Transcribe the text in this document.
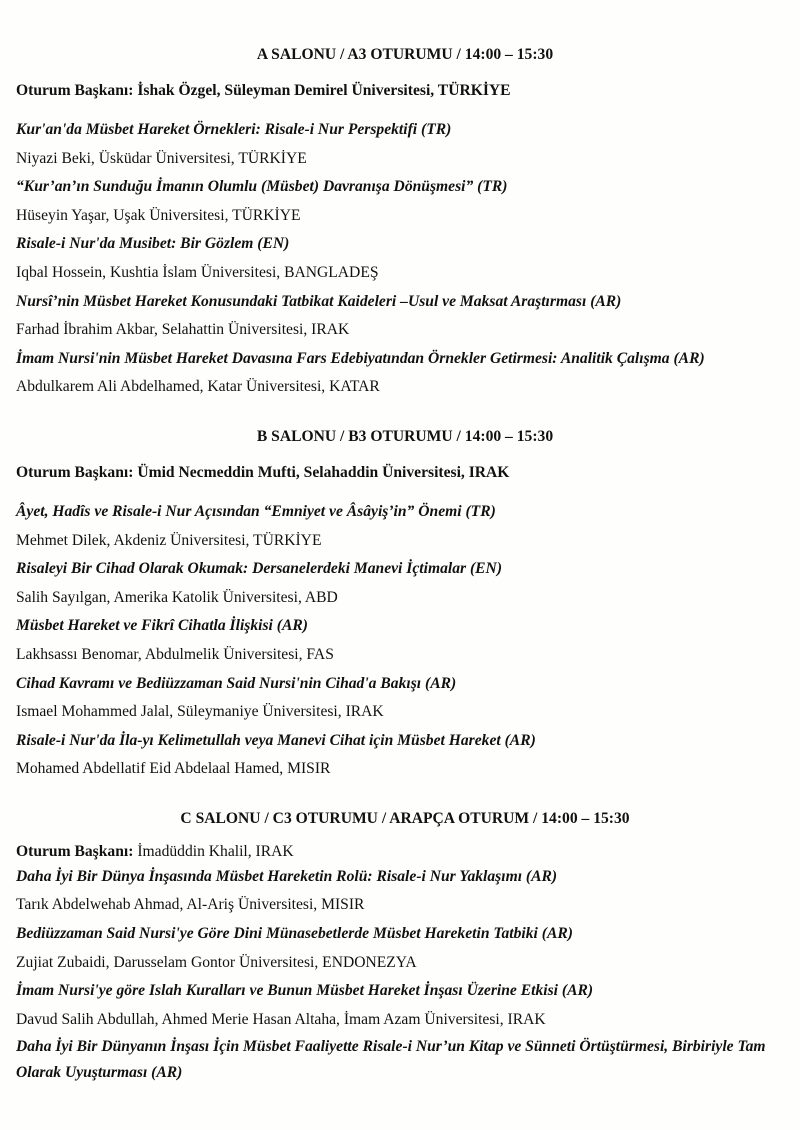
A SALONU / A3 OTURUMU / 14:00 – 15:30
Oturum Başkanı: İshak Özgel, Süleyman Demirel Üniversitesi, TÜRKİYE
Kur'an'da Müsbet Hareket Örnekleri: Risale-i Nur Perspektifi (TR)
Niyazi Beki, Üsküdar Üniversitesi, TÜRKİYE
“Kur’an’ın Sunduğu İmanın Olumlu (Müsbet) Davranışa Dönüşmesi” (TR)
Hüseyin Yaşar, Uşak Üniversitesi, TÜRKİYE
Risale-i Nur'da Musibet: Bir Gözlem (EN)
Iqbal Hossein, Kushtia İslam Üniversitesi, BANGLADEŞ
Nursî’nin Müsbet Hareket Konusundaki Tatbikat Kaideleri –Usul ve Maksat Araştırması (AR)
Farhad İbrahim Akbar, Selahattin Üniversitesi, IRAK
İmam Nursi'nin Müsbet Hareket Davasına Fars Edebiyatından Örnekler Getirmesi: Analitik Çalışma (AR)
Abdulkarem Ali Abdelhamed, Katar Üniversitesi, KATAR
B SALONU / B3 OTURUMU / 14:00 – 15:30
Oturum Başkanı: Ümid Necmeddin Mufti, Selahaddin Üniversitesi, IRAK
Âyet, Hadîs ve Risale-i Nur Açısından “Emniyet ve Âsâyiş’in” Önemi (TR)
Mehmet Dilek, Akdeniz Üniversitesi, TÜRKİYE
Risaleyi Bir Cihad Olarak Okumak: Dersanelerdeki Manevi İçtimalar (EN)
Salih Sayılgan, Amerika Katolik Üniversitesi, ABD
Müsbet Hareket ve Fikrî Cihatla İlişkisi (AR)
Lakhsassı Benomar, Abdulmelik Üniversitesi, FAS
Cihad Kavramı ve Bediüzzaman Said Nursi'nin Cihad'a Bakışı (AR)
Ismael Mohammed Jalal, Süleymaniye Üniversitesi, IRAK
Risale-i Nur'da İla-yı Kelimetullah veya Manevi Cihat için Müsbet Hareket (AR)
Mohamed Abdellatif Eid Abdelaal Hamed, MISIR
C SALONU / C3 OTURUMU / ARAPÇA OTURUM / 14:00 – 15:30
Oturum Başkanı: İmadüddin Khalil, IRAK
Daha İyi Bir Dünya İnşasında Müsbet Hareketin Rolü: Risale-i Nur Yaklaşımı (AR)
Tarık Abdelwehab Ahmad, Al-Ariş Üniversitesi, MISIR
Bediüzzaman Said Nursi'ye Göre Dini Münasebetlerde Müsbet Hareketin Tatbiki (AR)
Zujiat Zubaidi, Darusselam Gontor Üniversitesi, ENDONEZYA
İmam Nursi'ye göre Islah Kuralları ve Bunun Müsbet Hareket İnşası Üzerine Etkisi (AR)
Davud Salih Abdullah, Ahmed Merie Hasan Altaha, İmam Azam Üniversitesi, IRAK
Daha İyi Bir Dünyanın İnşası İçin Müsbet Faaliyette Risale-i Nur’un Kitap ve Sünneti Örtüştürmesi, Birbiriyle Tam Olarak Uyuşturması (AR)
